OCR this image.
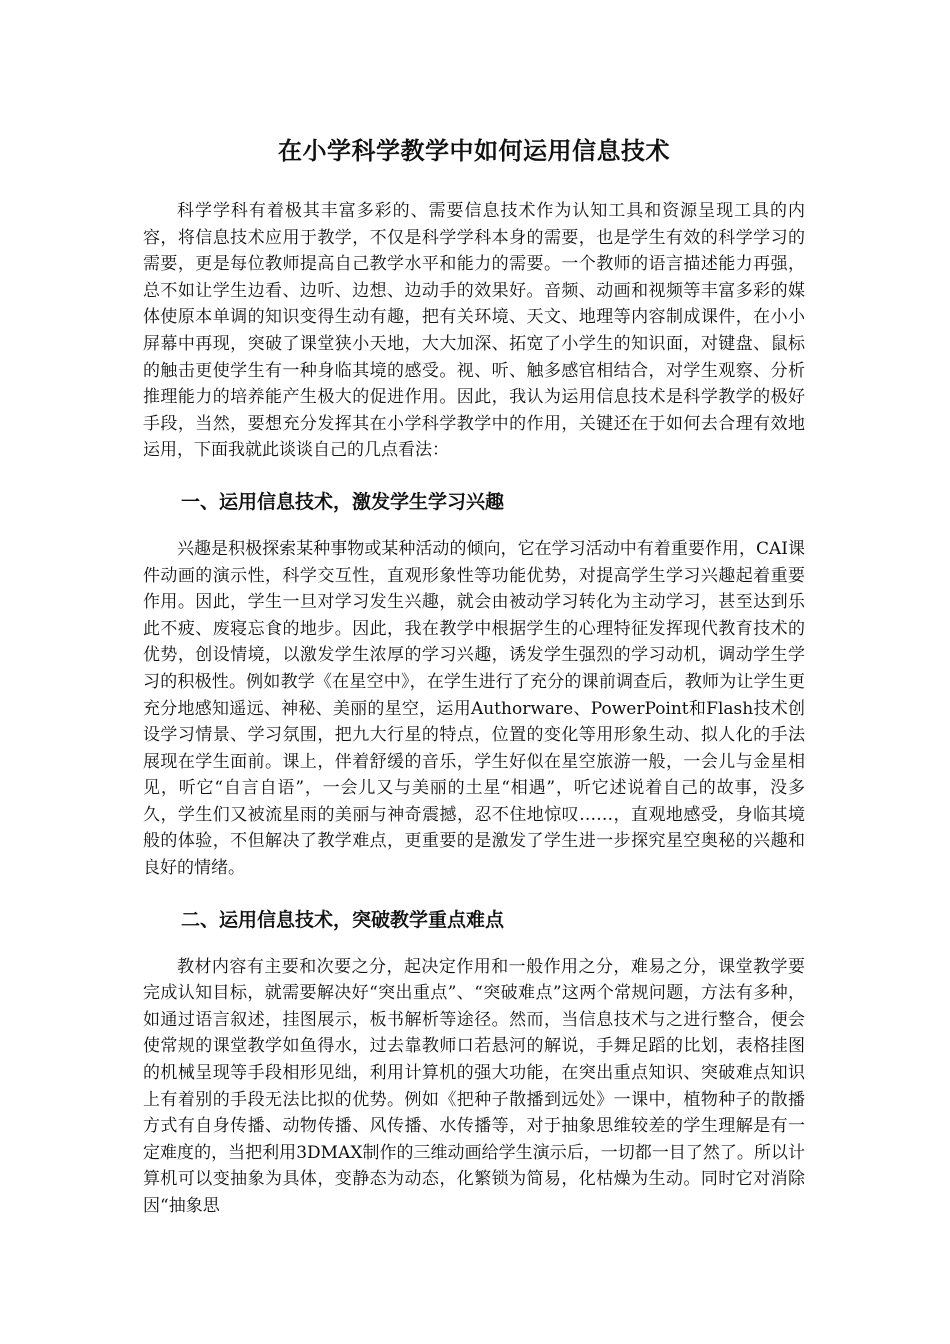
在小学科学教学中如何运用信息技术

科学学科有着极其丰富多彩的、需要信息技术作为认知工具和资源呈现工具的内容，将信息技术应用于教学，不仅是科学学科本身的需要，也是学生有效的科学学习的需要，更是每位教师提高自己教学水平和能力的需要。一个教师的语言描述能力再强，总不如让学生边看、边听、边想、边动手的效果好。音频、动画和视频等丰富多彩的媒体使原本单调的知识变得生动有趣，把有关环境、天文、地理等内容制成课件，在小小屏幕中再现，突破了课堂狭小天地，大大加深、拓宽了小学生的知识面，对键盘、鼠标的触击更使学生有一种身临其境的感受。视、听、触多感官相结合，对学生观察、分析推理能力的培养能产生极大的促进作用。因此，我认为运用信息技术是科学教学的极好手段，当然，要想充分发挥其在小学科学教学中的作用，关键还在于如何去合理有效地运用，下面我就此谈谈自己的几点看法：

一、运用信息技术，激发学生学习兴趣

兴趣是积极探索某种事物或某种活动的倾向，它在学习活动中有着重要作用，CAI课件动画的演示性，科学交互性，直观形象性等功能优势，对提高学生学习兴趣起着重要作用。因此，学生一旦对学习发生兴趣，就会由被动学习转化为主动学习，甚至达到乐此不疲、废寝忘食的地步。因此，我在教学中根据学生的心理特征发挥现代教育技术的优势，创设情境，以激发学生浓厚的学习兴趣，诱发学生强烈的学习动机，调动学生学习的积极性。例如教学《在星空中》，在学生进行了充分的课前调查后，教师为让学生更充分地感知遥远、神秘、美丽的星空，运用Authorware、PowerPoint和Flash技术创设学习情景、学习氛围，把九大行星的特点，位置的变化等用形象生动、拟人化的手法展现在学生面前。课上，伴着舒缓的音乐，学生好似在星空旅游一般，一会儿与金星相见，听它“自言自语”，一会儿又与美丽的土星“相遇”，听它述说着自己的故事，没多久，学生们又被流星雨的美丽与神奇震撼，忍不住地惊叹……，直观地感受，身临其境般的体验，不但解决了教学难点，更重要的是激发了学生进一步探究星空奥秘的兴趣和良好的情绪。

二、运用信息技术，突破教学重点难点

教材内容有主要和次要之分，起决定作用和一般作用之分，难易之分，课堂教学要完成认知目标，就需要解决好“突出重点”、“突破难点”这两个常规问题，方法有多种，如通过语言叙述，挂图展示，板书解析等途径。然而，当信息技术与之进行整合，便会使常规的课堂教学如鱼得水，过去靠教师口若悬河的解说，手舞足蹈的比划，表格挂图的机械呈现等手段相形见绌，利用计算机的强大功能，在突出重点知识、突破难点知识上有着别的手段无法比拟的优势。例如《把种子散播到远处》一课中，植物种子的散播方式有自身传播、动物传播、风传播、水传播等，对于抽象思维较差的学生理解是有一定难度的，当把利用3DMAX制作的三维动画给学生演示后，一切都一目了然了。所以计算机可以变抽象为具体，变静态为动态，化繁锁为简易，化枯燥为生动。同时它对消除因“抽象思
